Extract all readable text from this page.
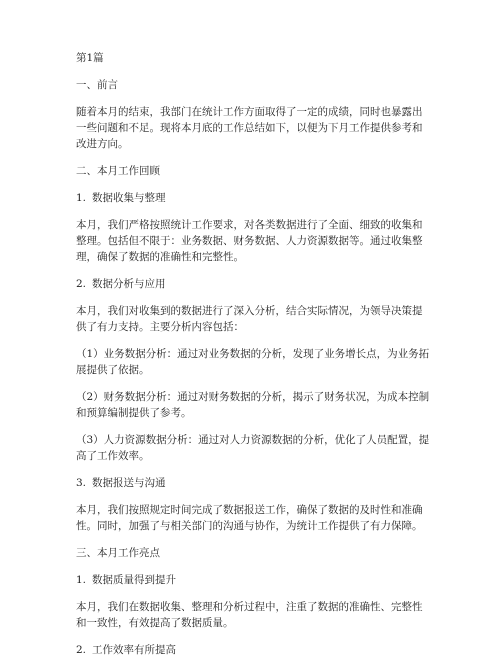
第1篇
一、前言
随着本月的结束，我部门在统计工作方面取得了一定的成绩，同时也暴露出一些问题和不足。现将本月底的工作总结如下，以便为下月工作提供参考和改进方向。
二、本月工作回顾
1. 数据收集与整理
本月，我们严格按照统计工作要求，对各类数据进行了全面、细致的收集和整理。包括但不限于：业务数据、财务数据、人力资源数据等。通过收集整理，确保了数据的准确性和完整性。
2. 数据分析与应用
本月，我们对收集到的数据进行了深入分析，结合实际情况，为领导决策提供了有力支持。主要分析内容包括：
（1）业务数据分析：通过对业务数据的分析，发现了业务增长点，为业务拓展提供了依据。
（2）财务数据分析：通过对财务数据的分析，揭示了财务状况，为成本控制和预算编制提供了参考。
（3）人力资源数据分析：通过对人力资源数据的分析，优化了人员配置，提高了工作效率。
3. 数据报送与沟通
本月，我们按照规定时间完成了数据报送工作，确保了数据的及时性和准确性。同时，加强了与相关部门的沟通与协作，为统计工作提供了有力保障。
三、本月工作亮点
1. 数据质量得到提升
本月，我们在数据收集、整理和分析过程中，注重了数据的准确性、完整性和一致性，有效提高了数据质量。
2. 工作效率有所提高
